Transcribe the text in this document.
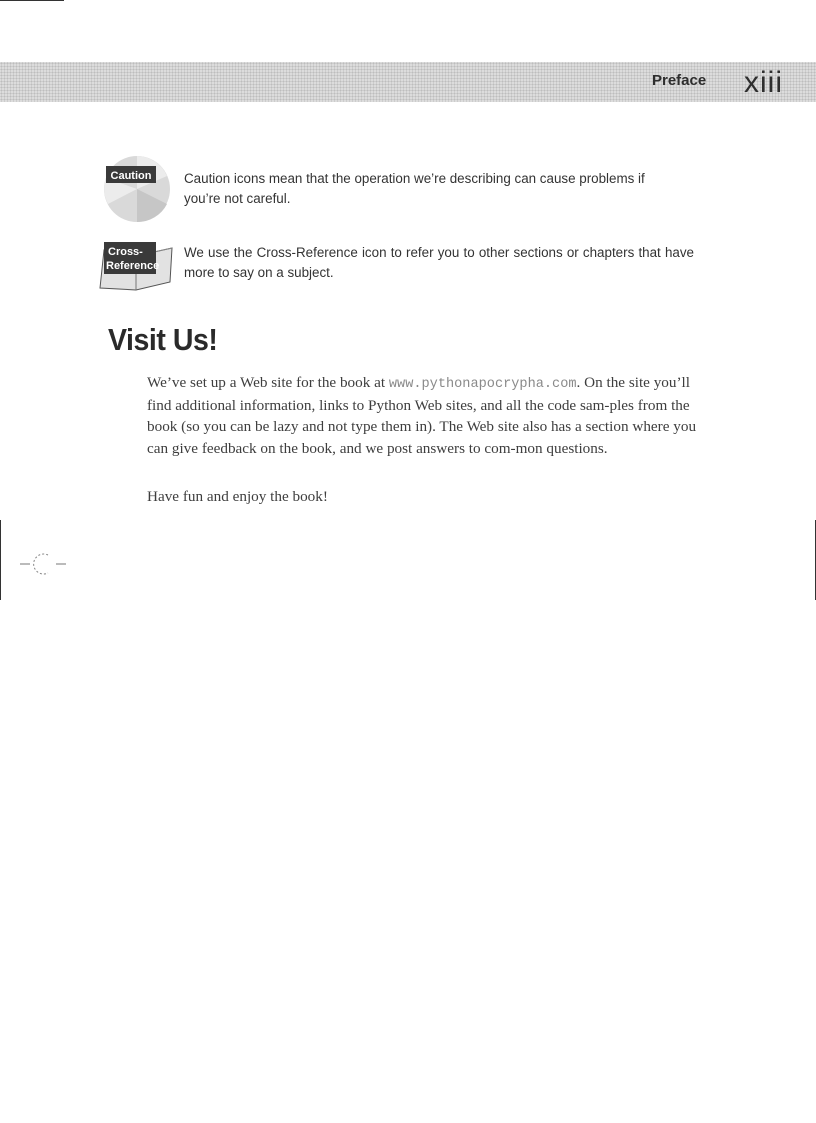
Preface xiii
Caution Caution icons mean that the operation we’re describing can cause problems if you’re not careful.
Cross-
Reference
We use the Cross-Reference icon to refer you to other sections or chapters that have more to say on a subject.
Visit Us!

We’ve set up a Web site for the book at www.pythonapocrypha.com. On the site you’ll find additional information, links to Python Web sites, and all the code sam-ples from the book (so you can be lazy and not type them in). The Web site also has a section where you can give feedback on the book, and we post answers to com-mon questions.

Have fun and enjoy the book!
